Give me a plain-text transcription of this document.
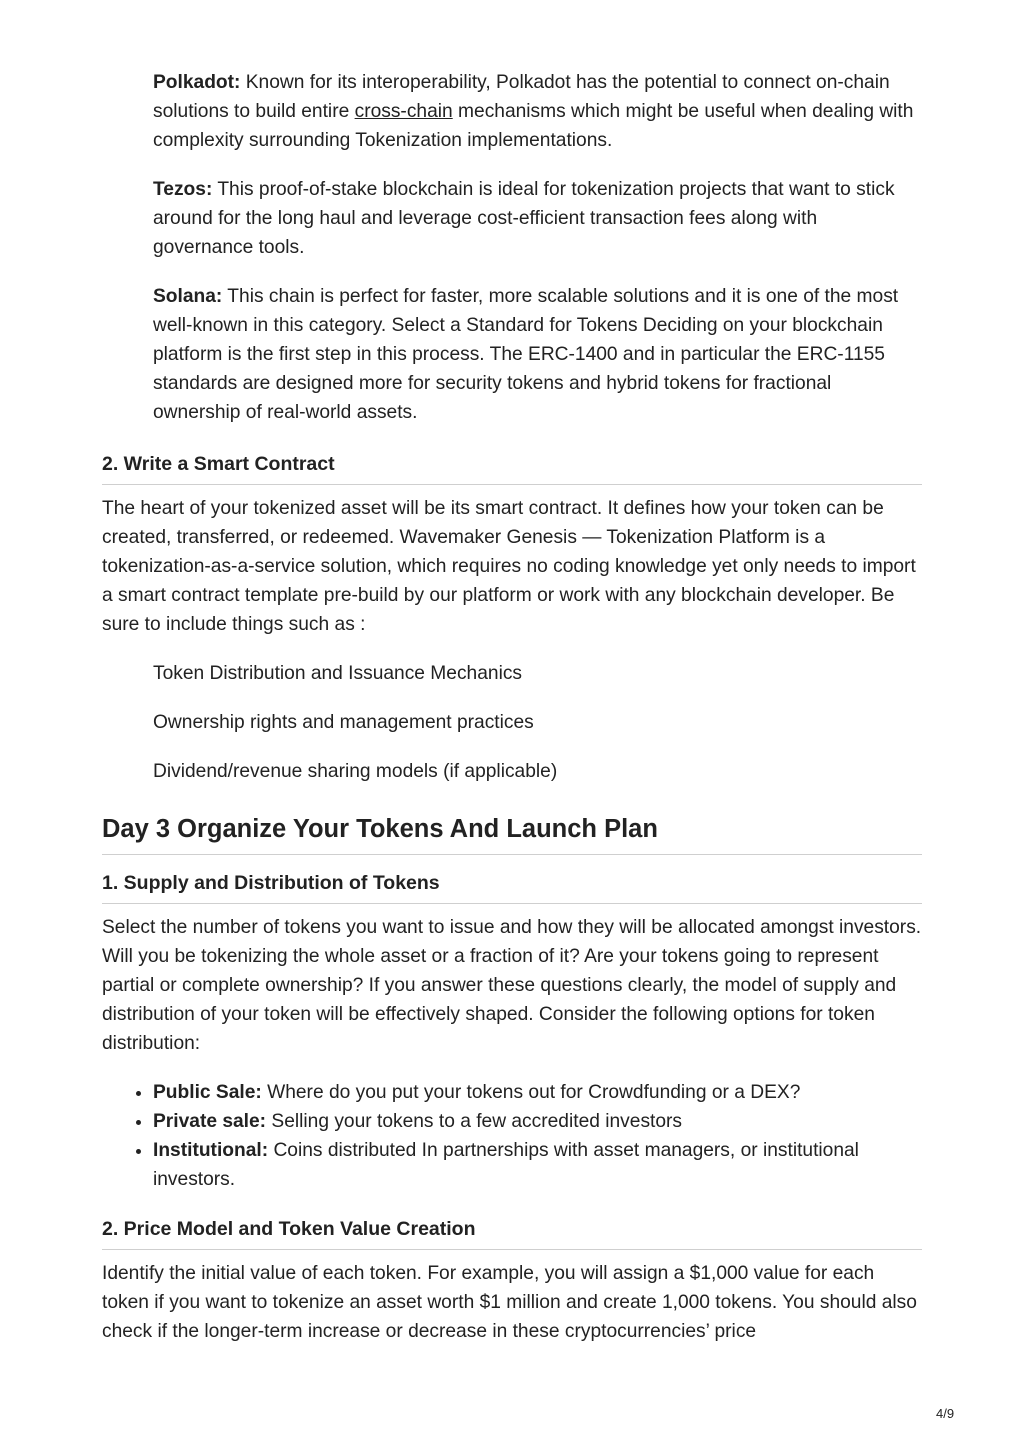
Polkadot: Known for its interoperability, Polkadot has the potential to connect on-chain solutions to build entire cross-chain mechanisms which might be useful when dealing with complexity surrounding Tokenization implementations.

Tezos: This proof-of-stake blockchain is ideal for tokenization projects that want to stick around for the long haul and leverage cost-efficient transaction fees along with governance tools.

Solana: This chain is perfect for faster, more scalable solutions and it is one of the most well-known in this category. Select a Standard for Tokens Deciding on your blockchain platform is the first step in this process. The ERC-1400 and in particular the ERC-1155 standards are designed more for security tokens and hybrid tokens for fractional ownership of real-world assets.

2. Write a Smart Contract

The heart of your tokenized asset will be its smart contract. It defines how your token can be created, transferred, or redeemed. Wavemaker Genesis — Tokenization Platform is a tokenization-as-a-service solution, which requires no coding knowledge yet only needs to import a smart contract template pre-build by our platform or work with any blockchain developer. Be sure to include things such as :

Token Distribution and Issuance Mechanics

Ownership rights and management practices

Dividend/revenue sharing models (if applicable)

Day 3 Organize Your Tokens And Launch Plan
1. Supply and Distribution of Tokens

Select the number of tokens you want to issue and how they will be allocated amongst investors. Will you be tokenizing the whole asset or a fraction of it? Are your tokens going to represent partial or complete ownership? If you answer these questions clearly, the model of supply and distribution of your token will be effectively shaped. Consider the following options for token distribution:

• Public Sale: Where do you put your tokens out for Crowdfunding or a DEX?
• Private sale: Selling your tokens to a few accredited investors
• Institutional: Coins distributed In partnerships with asset managers, or institutional investors.
2. Price Model and Token Value Creation

Identify the initial value of each token. For example, you will assign a $1,000 value for each token if you want to tokenize an asset worth $1 million and create 1,000 tokens. You should also check if the longer-term increase or decrease in these cryptocurrencies’ price

4/9
